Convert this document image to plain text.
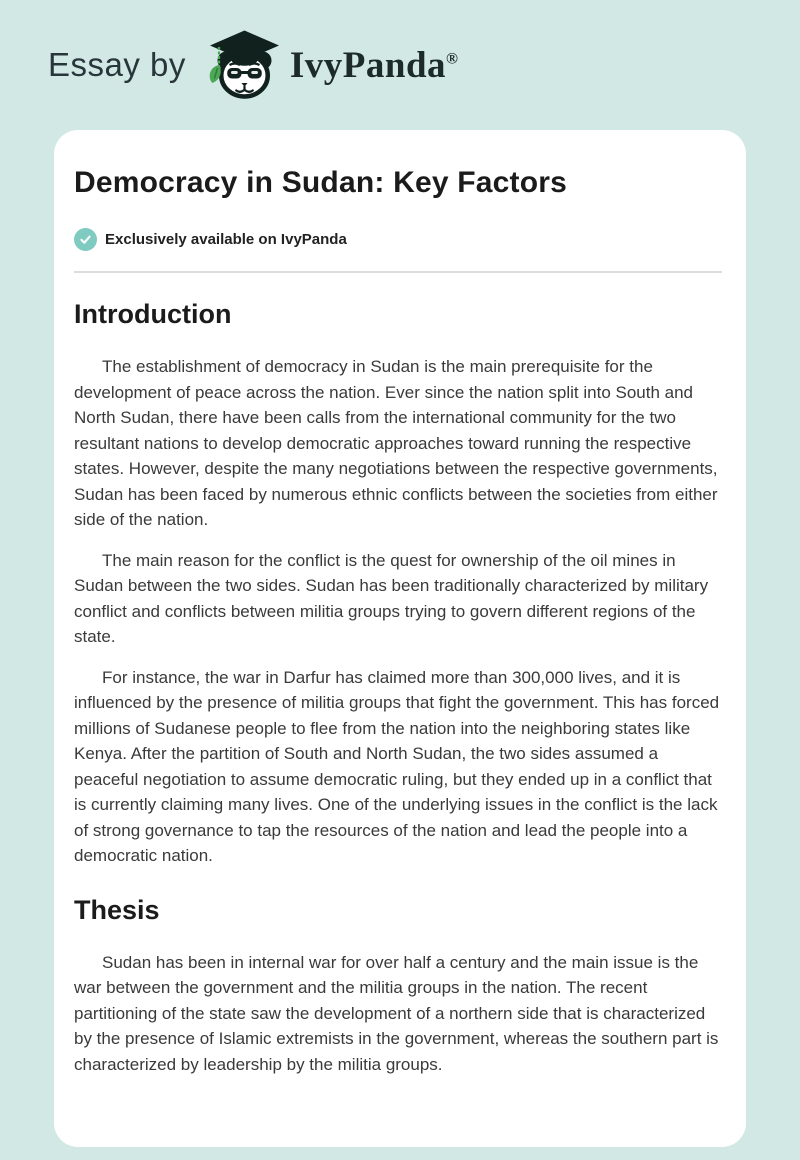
Essay by	IvyPanda®
Democracy in Sudan: Key Factors
Exclusively available on IvyPanda
Introduction

The establishment of democracy in Sudan is the main prerequisite for the development of peace across the nation. Ever since the nation split into South and North Sudan, there have been calls from the international community for the two resultant nations to develop democratic approaches toward running the respective states. However, despite the many negotiations between the respective governments, Sudan has been faced by numerous ethnic conflicts between the societies from either side of the nation.

The main reason for the conflict is the quest for ownership of the oil mines in Sudan between the two sides. Sudan has been traditionally characterized by military conflict and conflicts between militia groups trying to govern different regions of the state.

For instance, the war in Darfur has claimed more than 300,000 lives, and it is influenced by the presence of militia groups that fight the government. This has forced millions of Sudanese people to flee from the nation into the neighboring states like Kenya. After the partition of South and North Sudan, the two sides assumed a peaceful negotiation to assume democratic ruling, but they ended up in a conflict that is currently claiming many lives. One of the underlying issues in the conflict is the lack of strong governance to tap the resources of the nation and lead the people into a democratic nation.

Thesis

Sudan has been in internal war for over half a century and the main issue is the war between the government and the militia groups in the nation. The recent partitioning of the state saw the development of a northern side that is characterized by the presence of Islamic extremists in the government, whereas the southern part is characterized by leadership by the militia groups.
